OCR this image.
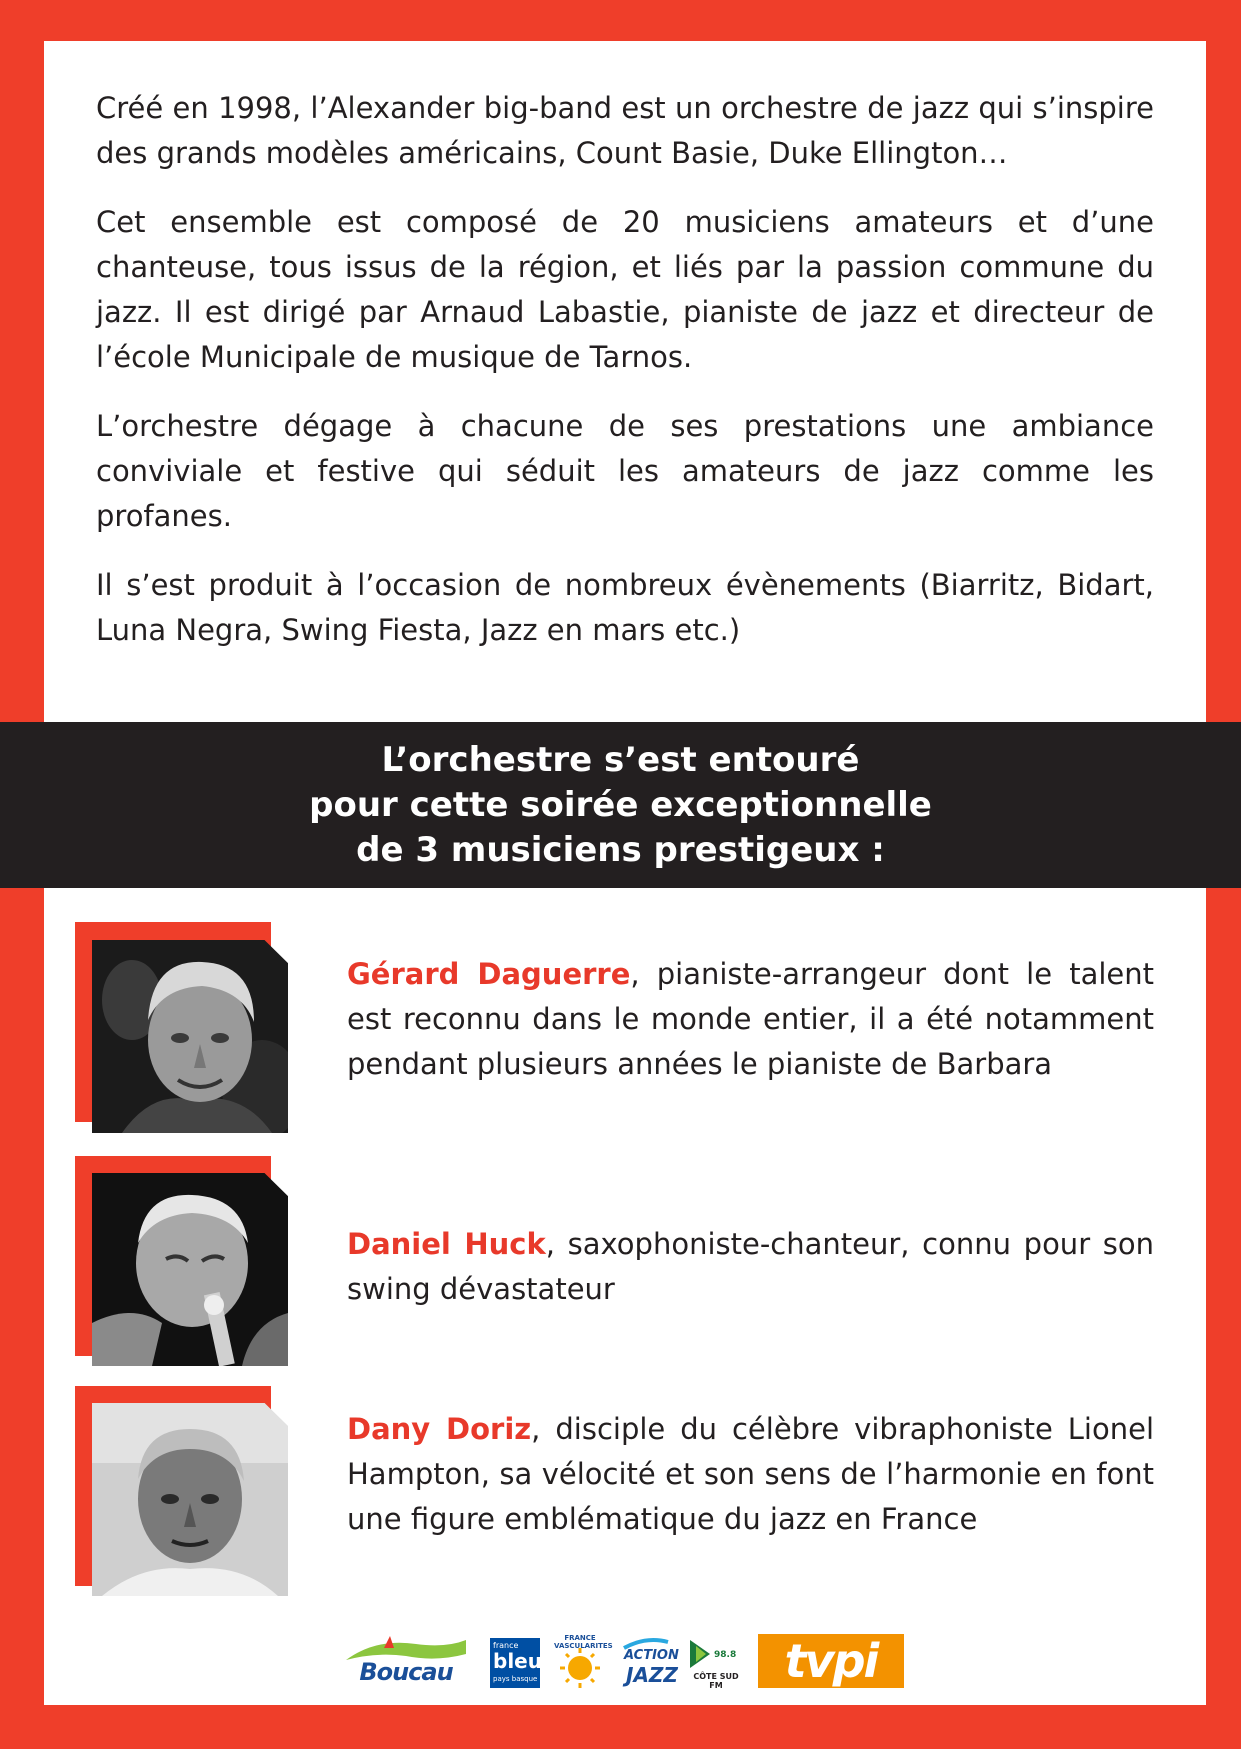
Créé en 1998, l’Alexander big-band est un orchestre de jazz qui s’inspire des grands modèles américains, Count Basie, Duke Ellington…

Cet ensemble est composé de 20 musiciens amateurs et d’une chanteuse, tous issus de la région, et liés par la passion commune du jazz. Il est dirigé par Arnaud Labastie, pianiste de jazz et directeur de l’école Municipale de musique de Tarnos.

L’orchestre dégage à chacune de ses prestations une ambiance conviviale et festive qui séduit les amateurs de jazz comme les profanes.

Il s’est produit à l’occasion de nombreux évènements (Biarritz, Bidart, Luna Negra, Swing Fiesta, Jazz en mars etc.)

L’orchestre s’est entouré
pour cette soirée exceptionnelle
de 3 musiciens prestigeux :
Gérard Daguerre, pianiste-arrangeur dont le talent est reconnu dans le monde entier, il a été notamment pendant plusieurs années le pianiste de Barbara
Daniel Huck, saxophoniste-chanteur, connu pour son swing dévastateur
Dany Doriz, disciple du célèbre vibraphoniste Lionel Hampton, sa vélocité et son sens de l’harmonie en font une figure emblématique du jazz en France
Boucau
france
bleu
pays basque
FRANCE VASCULARITES
ACTION
JAZZ
98.8
CÔTE SUD FM	tvpi
